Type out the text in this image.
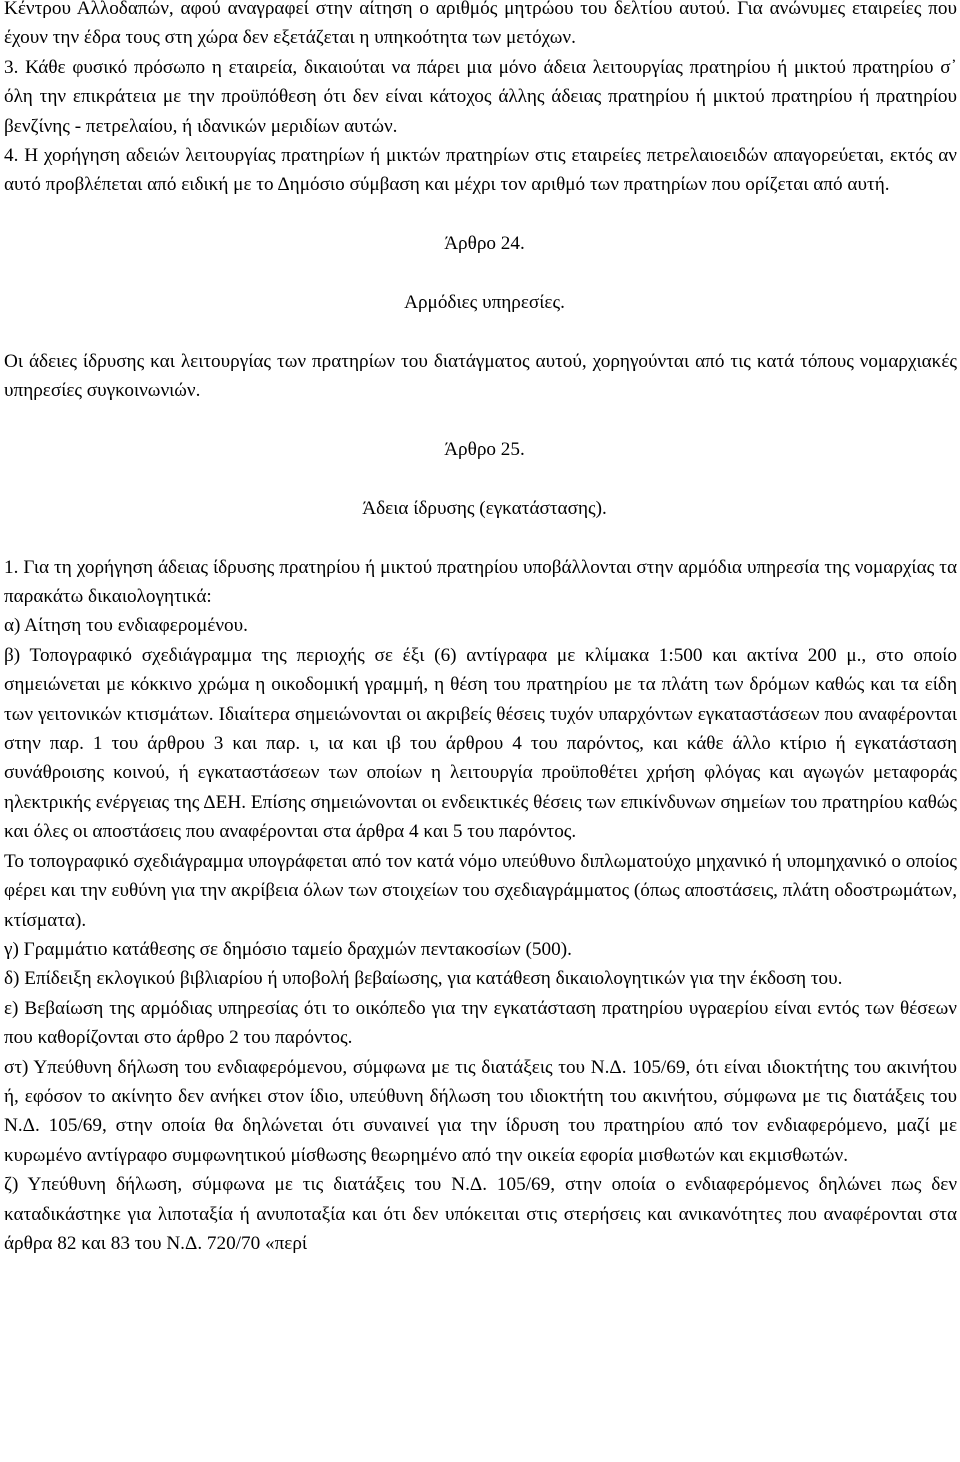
Κέντρου Αλλοδαπών, αφού αναγραφεί στην αίτηση ο αριθμός μητρώου του δελτίου αυτού. Για ανώνυμες εταιρείες που έχουν την έδρα τους στη χώρα δεν εξετάζεται η υπηκοότητα των μετόχων.

3. Κάθε φυσικό πρόσωπο η εταιρεία, δικαιούται να πάρει μια μόνο άδεια λειτουργίας πρατηρίου ή μικτού πρατηρίου σ᾽ όλη την επικράτεια με την προϋπόθεση ότι δεν είναι κάτοχος άλλης άδειας πρατηρίου ή μικτού πρατηρίου ή πρατηρίου βενζίνης - πετρελαίου, ή ιδανικών μεριδίων αυτών.

4. Η χορήγηση αδειών λειτουργίας πρατηρίων ή μικτών πρατηρίων στις εταιρείες πετρελαιοειδών απαγορεύεται, εκτός αν αυτό προβλέπεται από ειδική με το Δημόσιο σύμβαση και μέχρι τον αριθμό των πρατηρίων που ορίζεται από αυτή.

Άρθρο 24.

Αρμόδιες υπηρεσίες.

Οι άδειες ίδρυσης και λειτουργίας των πρατηρίων του διατάγματος αυτού, χορηγούνται από τις κατά τόπους νομαρχιακές υπηρεσίες συγκοινωνιών.

Άρθρο 25.

Άδεια ίδρυσης (εγκατάστασης).

1. Για τη χορήγηση άδειας ίδρυσης πρατηρίου ή μικτού πρατηρίου υποβάλλονται στην αρμόδια υπηρεσία της νομαρχίας τα παρακάτω δικαιολογητικά:

α) Αίτηση του ενδιαφερομένου.

β) Τοπογραφικό σχεδιάγραμμα της περιοχής σε έξι (6) αντίγραφα με κλίμακα 1:500 και ακτίνα 200 μ., στο οποίο σημειώνεται με κόκκινο χρώμα η οικοδομική γραμμή, η θέση του πρατηρίου με τα πλάτη των δρόμων καθώς και τα είδη των γειτονικών κτισμάτων. Ιδιαίτερα σημειώνονται οι ακριβείς θέσεις τυχόν υπαρχόντων εγκαταστάσεων που αναφέρονται στην παρ. 1 του άρθρου 3 και παρ. ι, ια και ιβ του άρθρου 4 του παρόντος, και κάθε άλλο κτίριο ή εγκατάσταση συνάθροισης κοινού, ή εγκαταστάσεων των οποίων η λειτουργία προϋποθέτει χρήση φλόγας και αγωγών μεταφοράς ηλεκτρικής ενέργειας της ΔΕΗ. Επίσης σημειώνονται οι ενδεικτικές θέσεις των επικίνδυνων σημείων του πρατηρίου καθώς και όλες οι αποστάσεις που αναφέρονται στα άρθρα 4 και 5 του παρόντος.

Το τοπογραφικό σχεδιάγραμμα υπογράφεται από τον κατά νόμο υπεύθυνο διπλωματούχο μηχανικό ή υπομηχανικό ο οποίος φέρει και την ευθύνη για την ακρίβεια όλων των στοιχείων του σχεδιαγράμματος (όπως αποστάσεις, πλάτη οδοστρωμάτων, κτίσματα).

γ) Γραμμάτιο κατάθεσης σε δημόσιο ταμείο δραχμών πεντακοσίων (500).

δ) Επίδειξη εκλογικού βιβλιαρίου ή υποβολή βεβαίωσης, για κατάθεση δικαιολογητικών για την έκδοση του.

ε) Βεβαίωση της αρμόδιας υπηρεσίας ότι το οικόπεδο για την εγκατάσταση πρατηρίου υγραερίου είναι εντός των θέσεων που καθορίζονται στο άρθρο 2 του παρόντος.

στ) Υπεύθυνη δήλωση του ενδιαφερόμενου, σύμφωνα με τις διατάξεις του Ν.Δ. 105/69, ότι είναι ιδιοκτήτης του ακινήτου ή, εφόσον το ακίνητο δεν ανήκει στον ίδιο, υπεύθυνη δήλωση του ιδιοκτήτη του ακινήτου, σύμφωνα με τις διατάξεις του Ν.Δ. 105/69, στην οποία θα δηλώνεται ότι συναινεί για την ίδρυση του πρατηρίου από τον ενδιαφερόμενο, μαζί με κυρωμένο αντίγραφο συμφωνητικού μίσθωσης θεωρημένο από την οικεία εφορία μισθωτών και εκμισθωτών.

ζ) Υπεύθυνη δήλωση, σύμφωνα με τις διατάξεις του Ν.Δ. 105/69, στην οποία ο ενδιαφερόμενος δηλώνει πως δεν καταδικάστηκε για λιποταξία ή ανυποταξία και ότι δεν υπόκειται στις στερήσεις και ανικανότητες που αναφέρονται στα άρθρα 82 και 83 του Ν.Δ. 720/70 «περί
